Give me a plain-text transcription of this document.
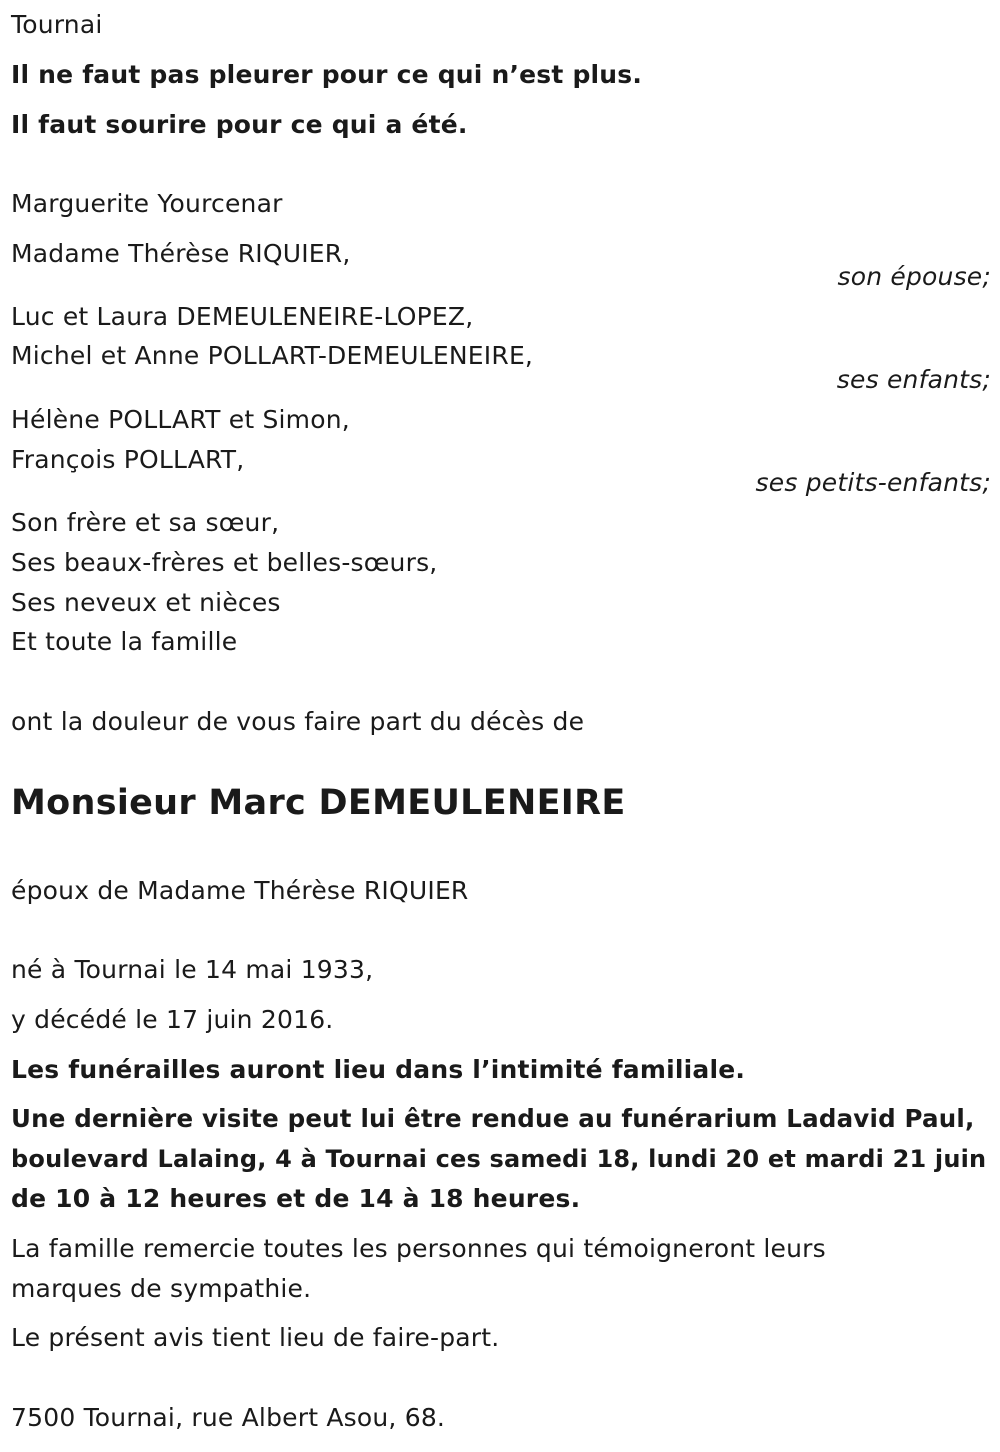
Tournai
Il ne faut pas pleurer pour ce qui n’est plus.
Il faut sourire pour ce qui a été.
Marguerite Yourcenar
Madame Thérèse RIQUIER,
son épouse;
Luc et Laura DEMEULENEIRE-LOPEZ,
Michel et Anne POLLART-DEMEULENEIRE,
ses enfants;
Hélène POLLART et Simon,
François POLLART,
ses petits-enfants;
Son frère et sa sœur,
Ses beaux-frères et belles-sœurs,
Ses neveux et nièces
Et toute la famille
ont la douleur de vous faire part du décès de
Monsieur Marc DEMEULENEIRE
époux de Madame Thérèse RIQUIER
né à Tournai le 14 mai 1933,
y décédé le 17 juin 2016.
Les funérailles auront lieu dans l’intimité familiale.
Une dernière visite peut lui être rendue au funérarium Ladavid Paul,
boulevard Lalaing, 4 à Tournai ces samedi 18, lundi 20 et mardi 21 juin
de 10 à 12 heures et de 14 à 18 heures.
La famille remercie toutes les personnes qui témoigneront leurs
marques de sympathie.
Le présent avis tient lieu de faire-part.
7500 Tournai, rue Albert Asou, 68.
